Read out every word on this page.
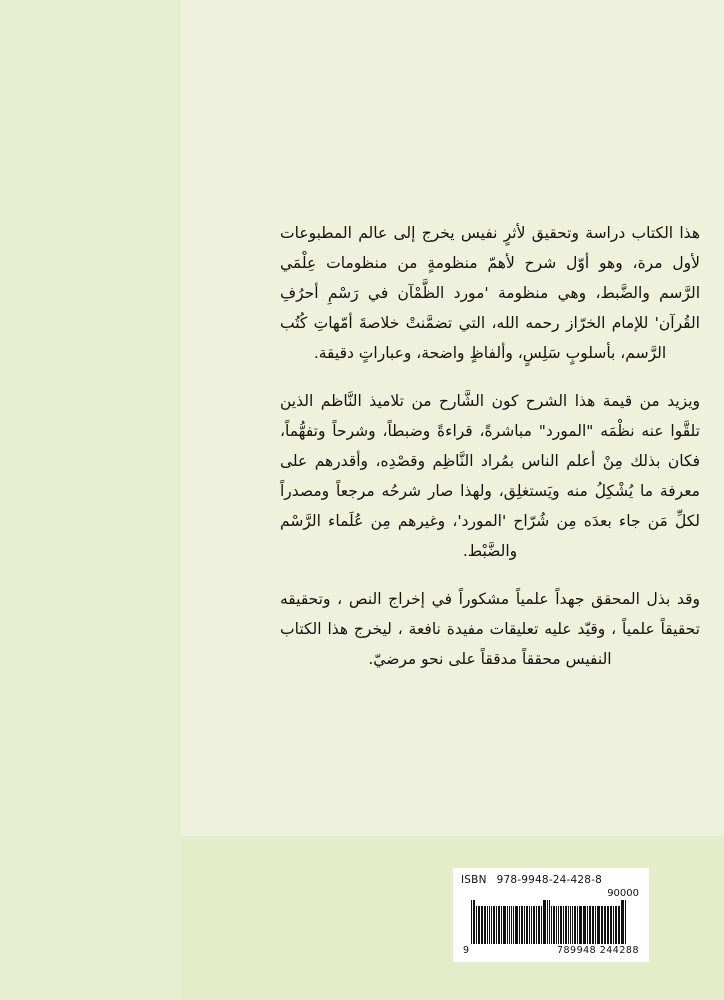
هذا الكتاب دراسة وتحقيق لأثرٍ نفيس يخرج إلى عالم المطبوعات لأول مرة، وهو أوّل شرح لأهمّ منظومةٍ من منظومات عِلْمَي الرَّسم والضَّبط، وهي منظومة 'مورد الظَّمْآن في رَسْمِ أحرُفِ القُرآن' للإمام الخرّاز رحمه الله، التي تضمَّنتْ خلاصةَ أمّهاتِ كُتُب الرَّسم، بأسلوبٍ سَلِسٍ، وألفاظٍ واضحة، وعباراتٍ دقيقة.

ويزيد من قيمة هذا الشرح كون الشَّارح من تلاميذ النَّاظم الذين تلقَّوا عنه نظْمَه "المورد" مباشرةً، قراءةً وضبطاً، وشرحاً وتفهُّماً، فكان بذلك مِنْ أعلم الناس بمُراد النَّاظِم وقصْدِه، وأقدرهم على معرفة ما يُشْكِلُ منه ويَستغلِق، ولهذا صار شرحُه مرجعاً ومصدراً لكلِّ مَن جاء بعدَه مِن شُرّاح 'المورد'، وغيرهم مِن عُلَماء الرَّسْم والضَّبْط.

وقد بذل المحقق جهداً علمياً مشكوراً في إخراج النص ، وتحقيقه تحقيقاً علمياً ، وقيّد عليه تعليقات مفيدة نافعة ، ليخرج هذا الكتاب النفيس محققاً مدققاً على نحو مرضيّ.

ISBN 978-9948-24-428-8
90000
9	789948 244288
